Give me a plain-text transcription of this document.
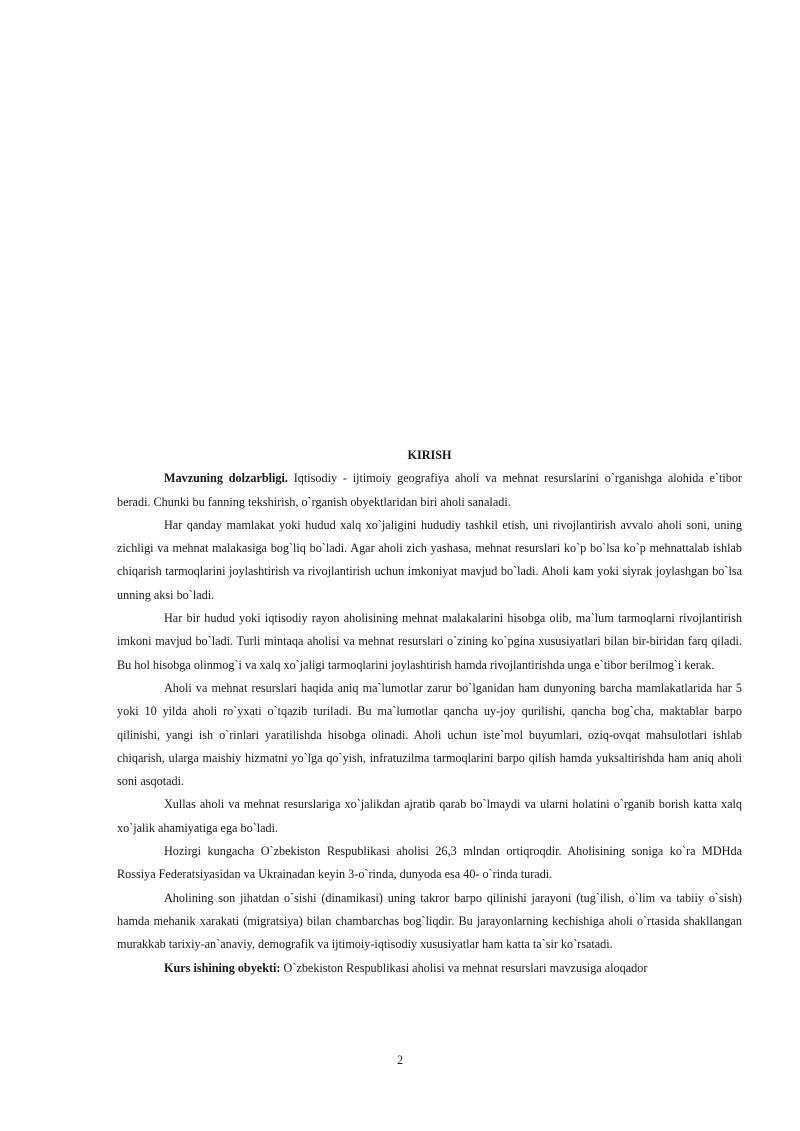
KIRISH

Mavzuning dolzarbligi. Iqtisodiy - ijtimoiy geografiya aholi va mehnat resurslarini o`rganishga alohida e`tibor beradi. Chunki bu fanning tekshirish, o`rganish obyektlaridan biri aholi sanaladi.

Har qanday mamlakat yoki hudud xalq xo`jaligini hududiy tashkil etish, uni rivojlantirish avvalo aholi soni, uning zichligi va mehnat malakasiga bog`liq bo`ladi. Agar aholi zich yashasa, mehnat resurslari ko`p bo`lsa ko`p mehnattalab ishlab chiqarish tarmoqlarini joylashtirish va rivojlantirish uchun imkoniyat mavjud bo`ladi. Aholi kam yoki siyrak joylashgan bo`lsa unning aksi bo`ladi.

Har bir hudud yoki iqtisodiy rayon aholisining mehnat malakalarini hisobga olib, ma`lum tarmoqlarni rivojlantirish imkoni mavjud bo`ladi. Turli mintaqa aholisi va mehnat resurslari o`zining ko`pgina xususiyatlari bilan bir-biridan farq qiladi. Bu hol hisobga olinmog`i va xalq xo`jaligi tarmoqlarini joylashtirish hamda rivojlantirishda unga e`tibor berilmog`i kerak.

Aholi va mehnat resurslari haqida aniq ma`lumotlar zarur bo`lganidan ham dunyoning barcha mamlakatlarida har 5 yoki 10 yilda aholi ro`yxati o`tqazib turiladi. Bu ma`lumotlar qancha uy-joy qurilishi, qancha bog`cha, maktablar barpo qilinishi, yangi ish o`rinlari yaratilishda hisobga olinadi. Aholi uchun iste`mol buyumlari, oziq-ovqat mahsulotlari ishlab chiqarish, ularga maishiy hizmatni yo`lga qo`yish, infratuzilma tarmoqlarini barpo qilish hamda yuksaltirishda ham aniq aholi soni asqotadi.

Xullas aholi va mehnat resurslariga xo`jalikdan ajratib qarab bo`lmaydi va ularni holatini o`rganib borish katta xalq xo`jalik ahamiyatiga ega bo`ladi.

Hozirgi kungacha O`zbekiston Respublikasi aholisi 26,3 mlndan ortiqroqdir. Aholisining soniga ko`ra MDHda Rossiya Federatsiyasidan va Ukrainadan keyin 3-o`rinda, dunyoda esa 40- o`rinda turadi.

Aholining son jihatdan o`sishi (dinamikasi) uning takror barpo qilinishi jarayoni (tug`ilish, o`lim va tabiiy o`sish) hamda mehanik xarakati (migratsiya) bilan chambarchas bog`liqdir. Bu jarayonlarning kechishiga aholi o`rtasida shakllangan murakkab tarixiy-an`anaviy, demografik va ijtimoiy-iqtisodiy xususiyatlar ham katta ta`sir ko`rsatadi.

Kurs ishining obyekti: O`zbekiston Respublikasi aholisi va mehnat resurslari mavzusiga aloqador

2
